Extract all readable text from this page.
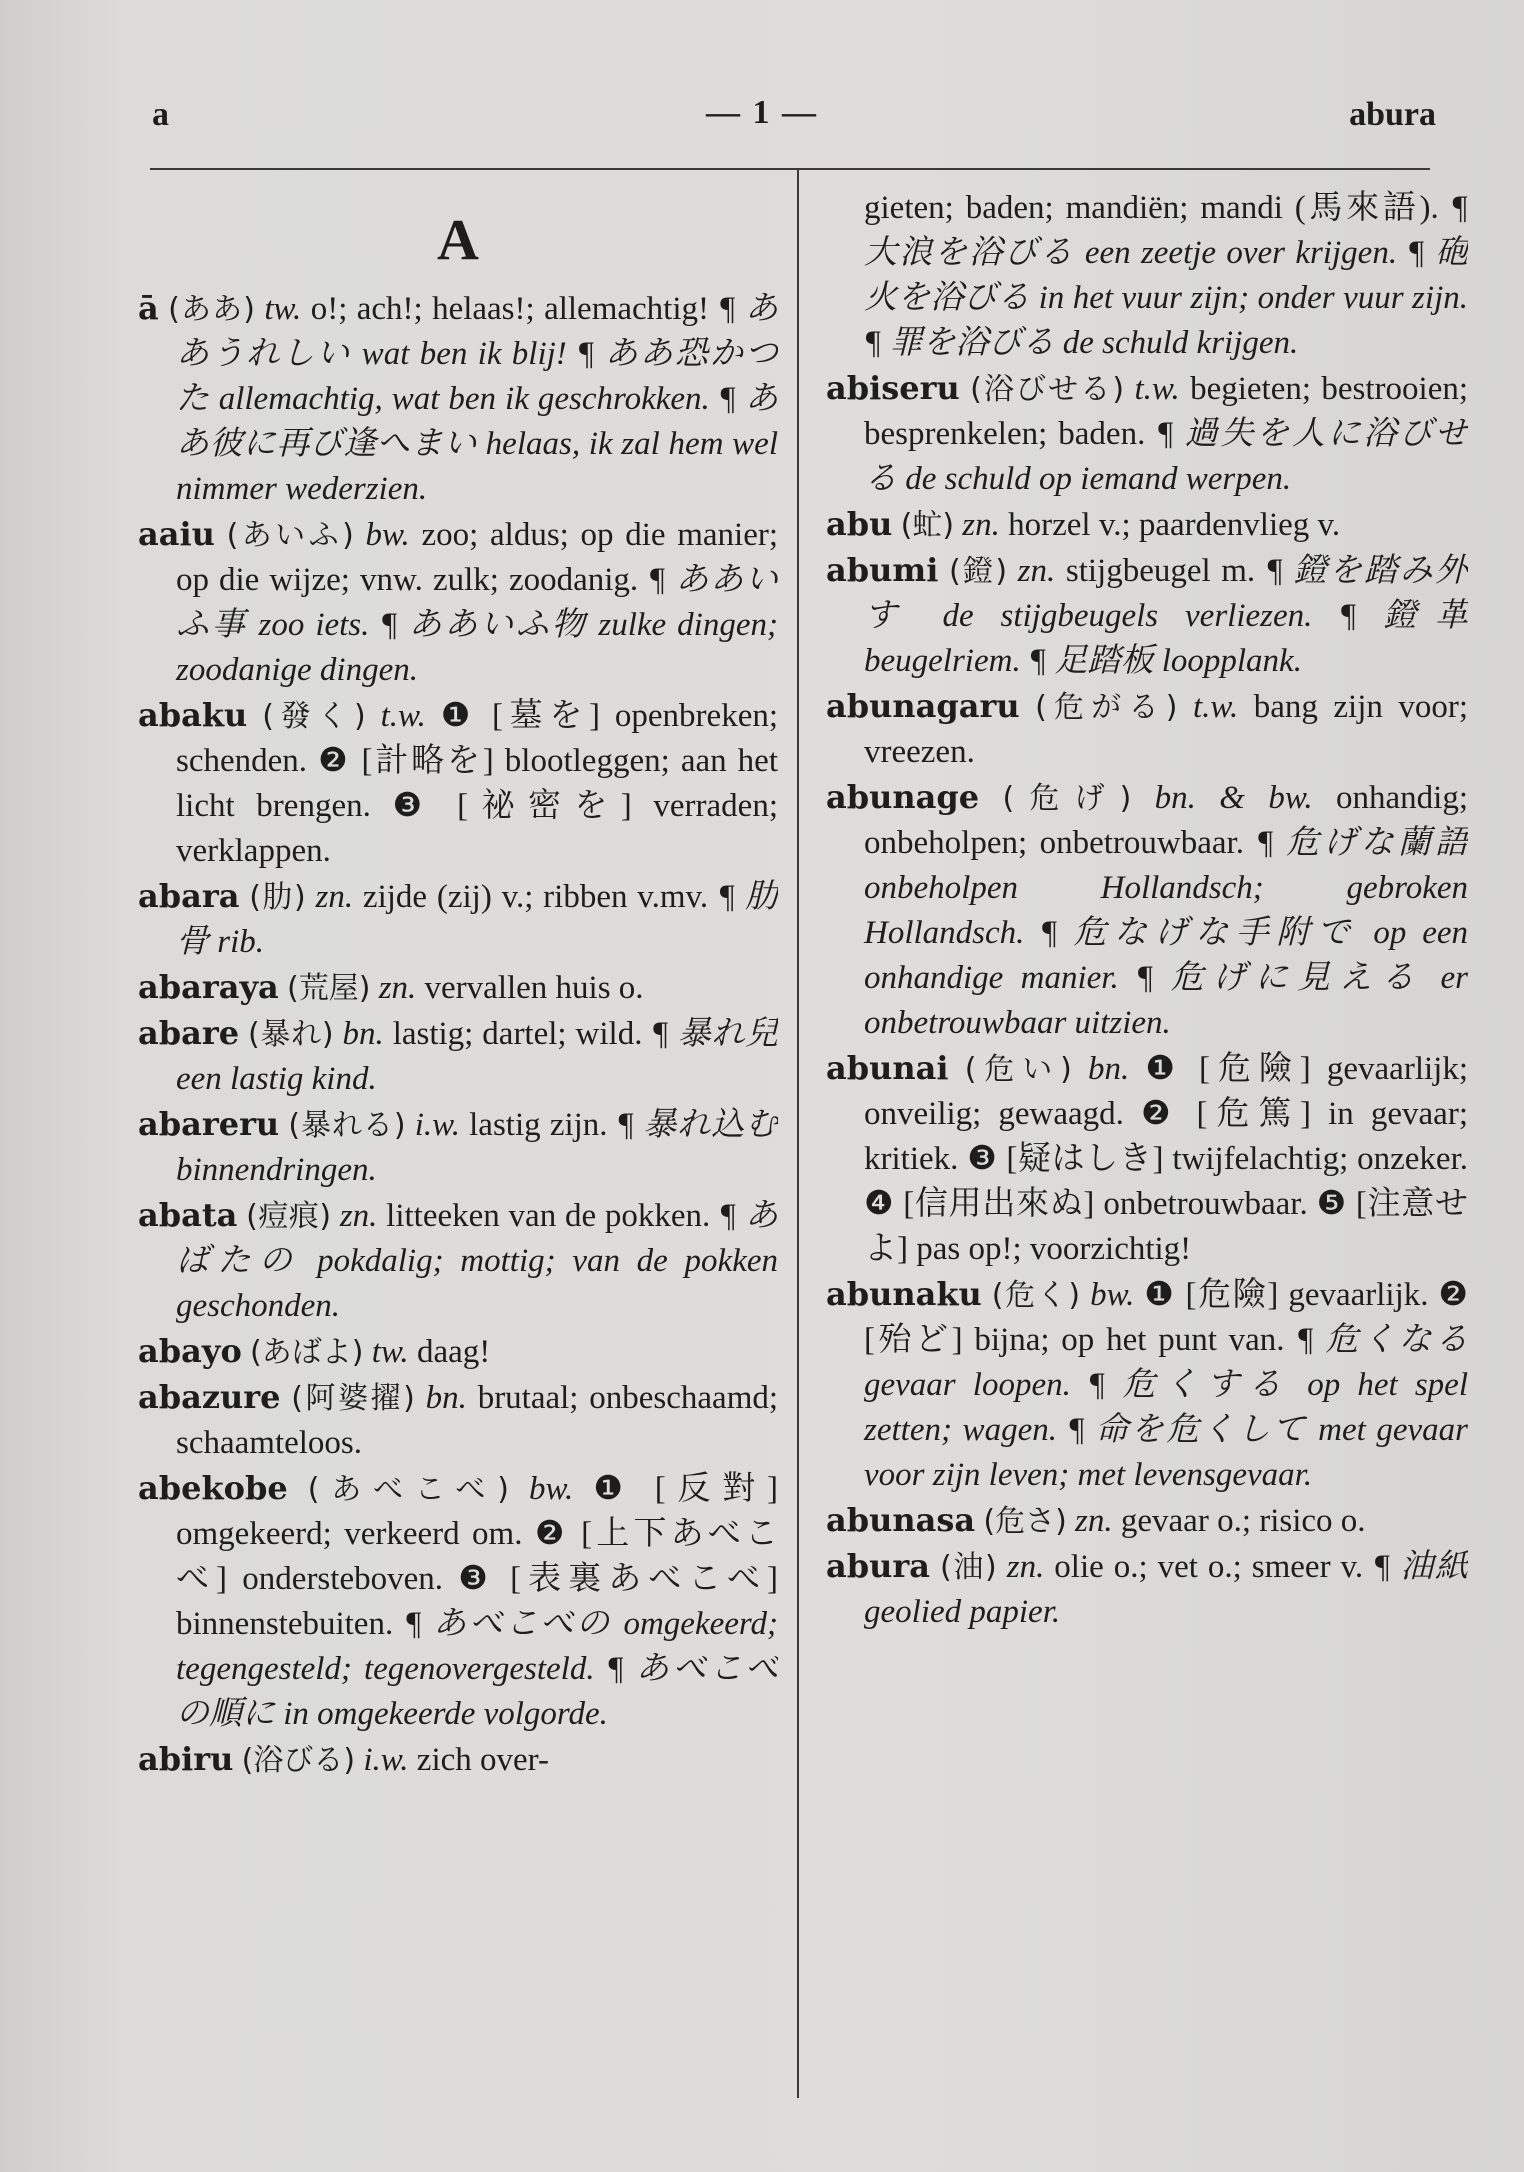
a	— 1 —	abura
A

ā (ああ) tw. o!; ach!; helaas!; allemachtig! ¶ ああうれしい wat ben ik blij! ¶ ああ恐かつた allemachtig, wat ben ik geschrokken. ¶ ああ彼に再び逢へまい helaas, ik zal hem wel nimmer wederzien.

aaiu (あいふ) bw. zoo; aldus; op die manier; op die wijze; vnw. zulk; zoodanig. ¶ ああいふ事 zoo iets. ¶ ああいふ物 zulke dingen; zoodanige dingen.

abaku (發く) t.w. ❶ [墓を] openbreken; schenden. ❷ [計略を] blootleggen; aan het licht brengen. ❸ [祕密を] verraden; verklappen.

abara (肋) zn. zijde (zij) v.; ribben v.mv. ¶ 肋骨 rib.

abaraya (荒屋) zn. vervallen huis o.

abare (暴れ) bn. lastig; dartel; wild. ¶ 暴れ兒 een lastig kind.

abareru (暴れる) i.w. lastig zijn. ¶ 暴れ込む binnendringen.

abata (痘痕) zn. litteeken van de pokken. ¶ あばたの pokdalig; mottig; van de pokken geschonden.

abayo (あばよ) tw. daag!

abazure (阿婆擢) bn. brutaal; onbeschaamd; schaamteloos.

abekobe (あべこべ) bw. ❶ [反對] omgekeerd; verkeerd om. ❷ [上下あべこべ] ondersteboven. ❸ [表裏あべこべ] binnenstebuiten. ¶ あべこべの omgekeerd; tegengesteld; tegenovergesteld. ¶ あべこべの順に in omgekeerde volgorde.

abiru (浴びる) i.w. zich over-

gieten; baden; mandiën; mandi (馬來語). ¶ 大浪を浴びる een zeetje over krijgen. ¶ 砲火を浴びる in het vuur zijn; onder vuur zijn. ¶ 罪を浴びる de schuld krijgen.

abiseru (浴びせる) t.w. begieten; bestrooien; besprenkelen; baden. ¶ 過失を人に浴びせる de schuld op iemand werpen.

abu (虻) zn. horzel v.; paardenvlieg v.

abumi (鐙) zn. stijgbeugel m. ¶ 鐙を踏み外す de stijgbeugels verliezen. ¶ 鐙革 beugelriem. ¶ 足踏板 loopplank.

abunagaru (危がる) t.w. bang zijn voor; vreezen.

abunage (危げ) bn. & bw. onhandig; onbeholpen; onbetrouwbaar. ¶ 危げな蘭語 onbeholpen Hollandsch; gebroken Hollandsch. ¶ 危なげな手附で op een onhandige manier. ¶ 危げに見える er onbetrouwbaar uitzien.

abunai (危い) bn. ❶ [危險] gevaarlijk; onveilig; gewaagd. ❷ [危篤] in gevaar; kritiek. ❸ [疑はしき] twijfelachtig; onzeker. ❹ [信用出來ぬ] onbetrouwbaar. ❺ [注意せよ] pas op!; voorzichtig!

abunaku (危く) bw. ❶ [危險] gevaarlijk. ❷ [殆ど] bijna; op het punt van. ¶ 危くなる gevaar loopen. ¶ 危くする op het spel zetten; wagen. ¶ 命を危くして met gevaar voor zijn leven; met levensgevaar.

abunasa (危さ) zn. gevaar o.; risico o.

abura (油) zn. olie o.; vet o.; smeer v. ¶ 油紙 geolied papier.
